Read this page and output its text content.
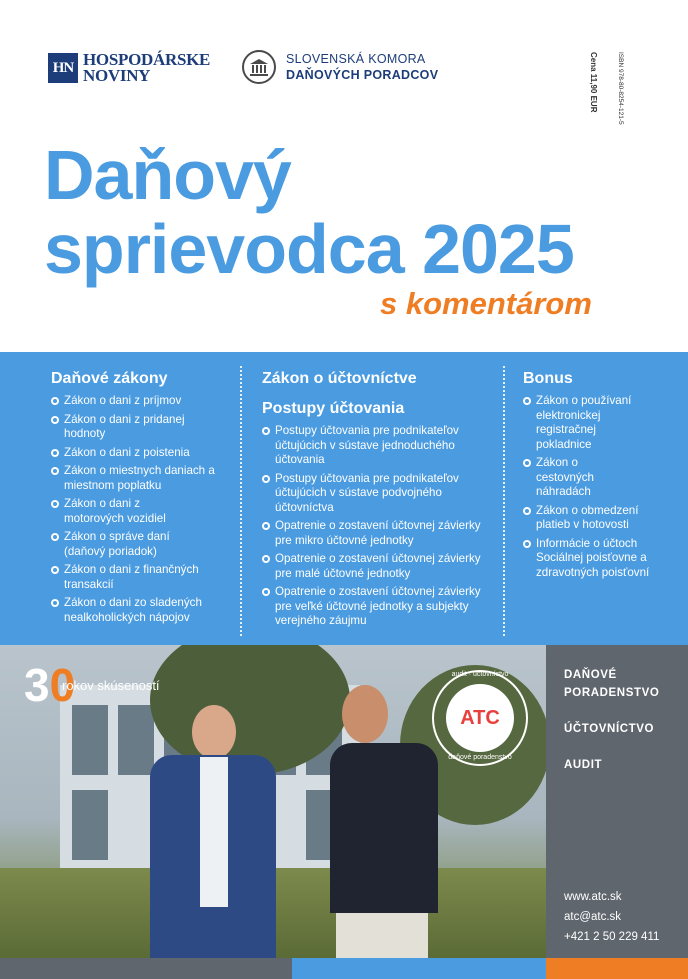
HN HOSPODÁRSKE
NOVINY
SLOVENSKÁ KOMORA
DAŇOVÝCH PORADCOV	Cena 11,90 EUR	ISBN 978-80-8254-121-5
Daňový
sprievodca 2025
s komentárom
Daňové zákony
Zákon o dani z príjmov
Zákon o dani z pridanej hodnoty
Zákon o dani z poistenia
Zákon o miestnych daniach a miestnom poplatku
Zákon o dani z motorových vozidiel
Zákon o správe daní (daňový poriadok)
Zákon o dani z finančných transakcií
Zákon o dani zo sladených nealkoholických nápojov
Zákon o účtovníctve
Postupy účtovania
Postupy účtovania pre podnikateľov účtujúcich v sústave jednoduchého účtovania
Postupy účtovania pre podnikateľov účtujúcich v sústave podvojného účtovníctva
Opatrenie o zostavení účtovnej závierky pre mikro účtovné jednotky
Opatrenie o zostavení účtovnej závierky pre malé účtovné jednotky
Opatrenie o zostavení účtovnej závierky pre veľké účtovné jednotky a subjekty verejného záujmu
Bonus
Zákon o používaní elektronickej registračnej pokladnice
Zákon o cestovných náhradách
Zákon o obmedzení platieb v hotovosti
Informácie o účtoch Sociálnej poisťovne a zdravotných poisťovní
30
rokov skúseností
audit · účtovníctvo
ATC
daňové poradenstvo
DAŇOVÉ
PORADENSTVO
ÚČTOVNÍCTVO
AUDIT
www.atc.sk
atc@atc.sk
+421 2 50 229 411
